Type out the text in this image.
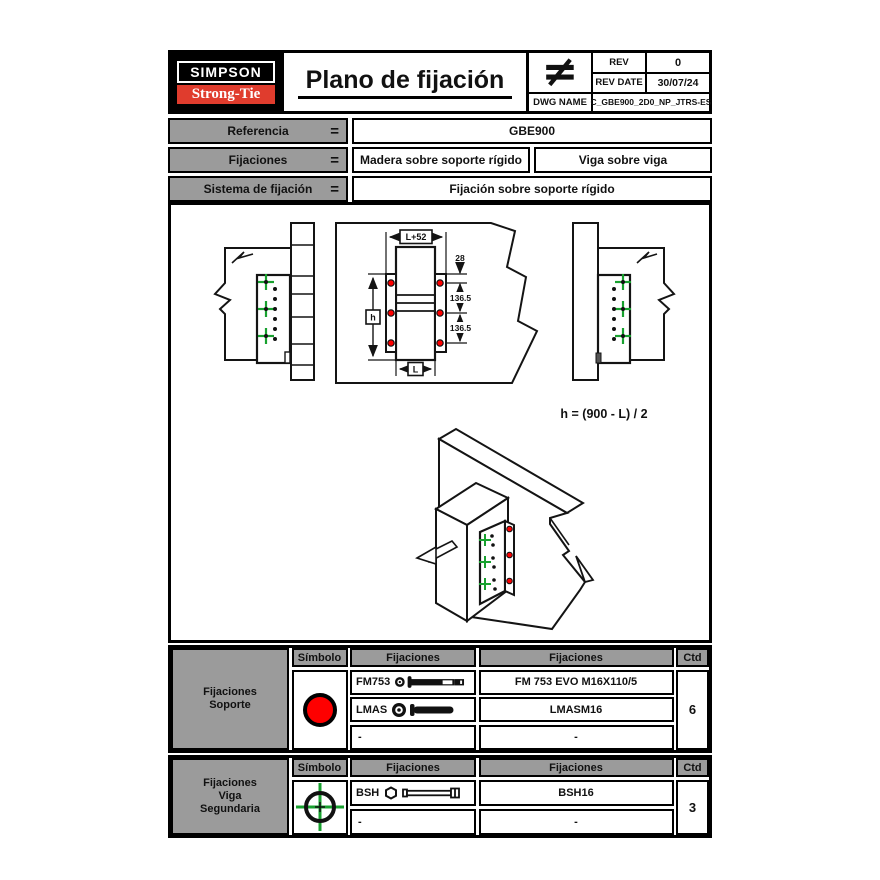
SIMPSON
Strong-Tie	Plano de fijación ≠	REV	0
REV DATE	30/07/24
DWG NAME C_GBE900_2D0_NP_JTRS-ES
Referencia	=	GBE900
Fijaciones	=	Madera sobre soporte rígido	Viga sobre viga
Sistema de fijación =	Fijación sobre soporte rígido
L+52
h
L
28
136.5
136.5
h = (900 - L) / 2
Fijaciones
Soporte
Símbolo	Fijaciones	Fijaciones	Ctd
FM753	FM 753 EVO M16X110/5
LMAS	LMASM16
-	-
6
Fijaciones
Viga
Segundaria
Símbolo	Fijaciones	Fijaciones	Ctd
BSH	BSH16
-	-
3
